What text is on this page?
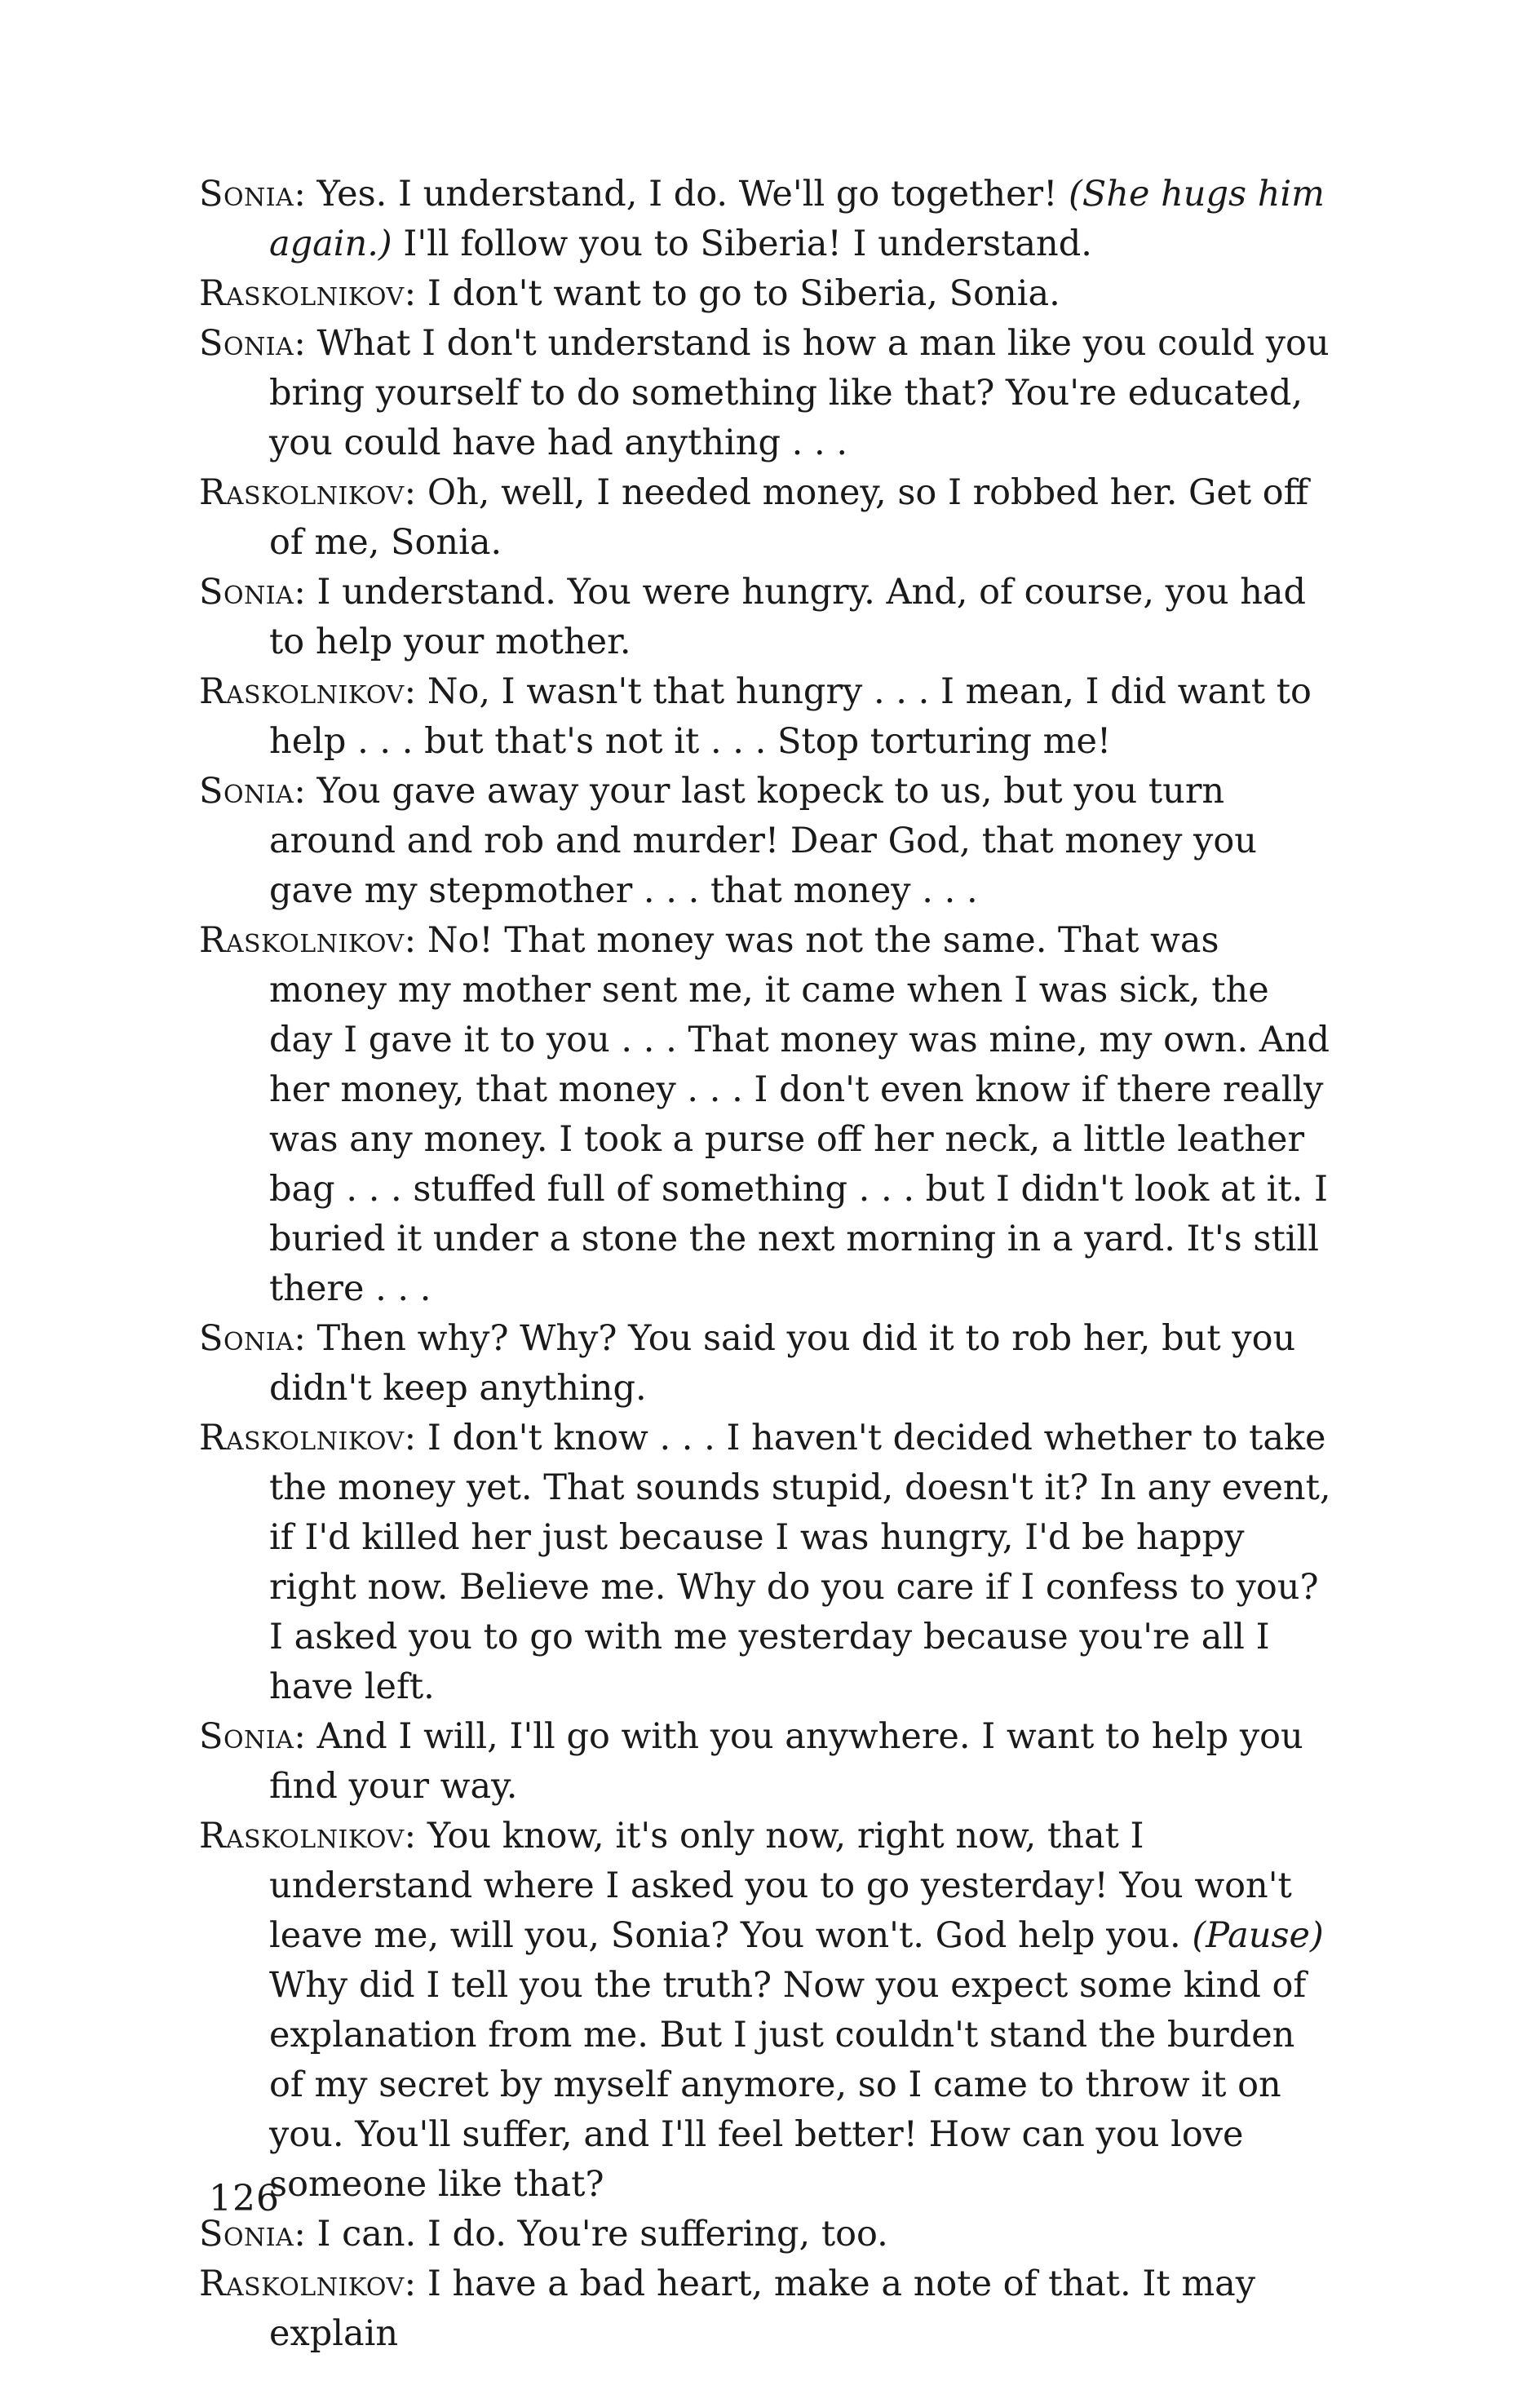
Sonia: Yes. I understand, I do. We'll go together! (She hugs him again.) I'll follow you to Siberia! I understand.

Raskolnikov: I don't want to go to Siberia, Sonia.

Sonia: What I don't understand is how a man like you could you bring yourself to do something like that? You're educated, you could have had anything . . .

Raskolnikov: Oh, well, I needed money, so I robbed her. Get off of me, Sonia.

Sonia: I understand. You were hungry. And, of course, you had to help your mother.

Raskolnikov: No, I wasn't that hungry . . . I mean, I did want to help . . . but that's not it . . . Stop torturing me!

Sonia: You gave away your last kopeck to us, but you turn around and rob and murder! Dear God, that money you gave my stepmother . . . that money . . .

Raskolnikov: No! That money was not the same. That was money my mother sent me, it came when I was sick, the day I gave it to you . . . That money was mine, my own. And her money, that money . . . I don't even know if there really was any money. I took a purse off her neck, a little leather bag . . . stuffed full of something . . . but I didn't look at it. I buried it under a stone the next morning in a yard. It's still there . . .

Sonia: Then why? Why? You said you did it to rob her, but you didn't keep anything.

Raskolnikov: I don't know . . . I haven't decided whether to take the money yet. That sounds stupid, doesn't it? In any event, if I'd killed her just because I was hungry, I'd be happy right now. Believe me. Why do you care if I confess to you? I asked you to go with me yesterday because you're all I have left.

Sonia: And I will, I'll go with you anywhere. I want to help you find your way.

Raskolnikov: You know, it's only now, right now, that I understand where I asked you to go yesterday! You won't leave me, will you, Sonia? You won't. God help you. (Pause) Why did I tell you the truth? Now you expect some kind of explanation from me. But I just couldn't stand the burden of my secret by myself anymore, so I came to throw it on you. You'll suffer, and I'll feel better! How can you love someone like that?

Sonia: I can. I do. You're suffering, too.

Raskolnikov: I have a bad heart, make a note of that. It may explain

126
